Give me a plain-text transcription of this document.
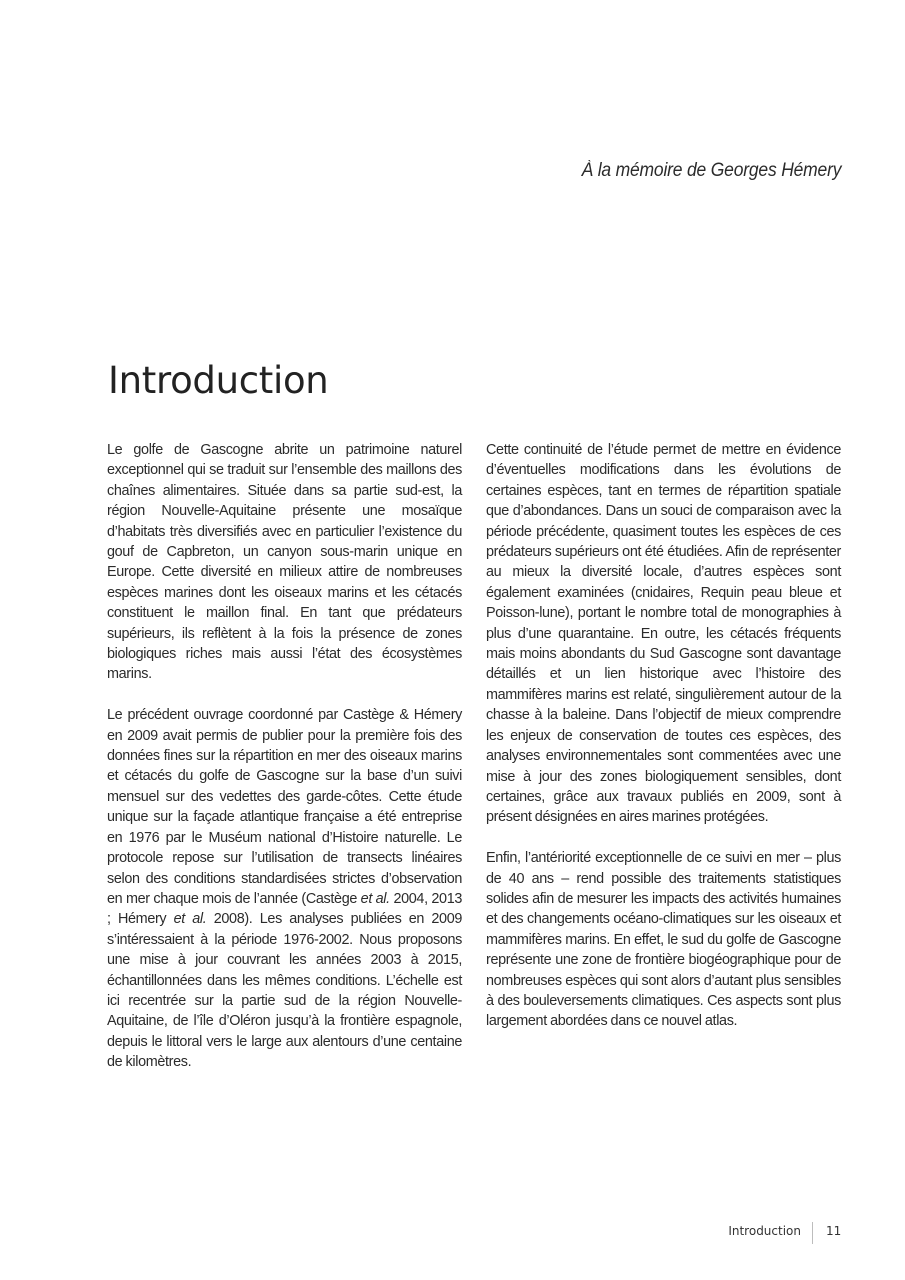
À la mémoire de Georges Hémery
Introduction

Le golfe de Gascogne abrite un patrimoine naturel exceptionnel qui se traduit sur l’ensemble des maillons des chaînes alimentaires. Située dans sa partie sud-est, la région Nouvelle-Aquitaine présente une mosaïque d’habitats très diversifiés avec en particulier l’existence du gouf de Capbreton, un canyon sous-marin unique en Europe. Cette diversité en milieux attire de nombreuses espèces marines dont les oiseaux marins et les cétacés constituent le maillon final. En tant que prédateurs supérieurs, ils reflètent à la fois la présence de zones biologiques riches mais aussi l’état des écosystèmes marins.

Le précédent ouvrage coordonné par Castège & Hémery en 2009 avait permis de publier pour la première fois des données fines sur la répartition en mer des oiseaux marins et cétacés du golfe de Gascogne sur la base d’un suivi mensuel sur des vedettes des garde-côtes. Cette étude unique sur la façade atlantique française a été entreprise en 1976 par le Muséum national d’Histoire naturelle. Le protocole repose sur l’utilisation de transects linéaires selon des conditions standardisées strictes d’observation en mer chaque mois de l’année (Castège et al. 2004, 2013 ; Hémery et al. 2008). Les analyses publiées en 2009 s’intéressaient à la période 1976-2002. Nous proposons une mise à jour couvrant les années 2003 à 2015, échantillonnées dans les mêmes conditions. L’échelle est ici recentrée sur la partie sud de la région Nouvelle-Aquitaine, de l’île d’Oléron jusqu’à la frontière espagnole, depuis le littoral vers le large aux alentours d’une centaine de kilomètres.

Cette continuité de l’étude permet de mettre en évidence d’éventuelles modifications dans les évolutions de certaines espèces, tant en termes de répartition spatiale que d’abondances. Dans un souci de comparaison avec la période précédente, quasiment toutes les espèces de ces prédateurs supérieurs ont été étudiées. Afin de représenter au mieux la diversité locale, d’autres espèces sont également examinées (cnidaires, Requin peau bleue et Poisson-lune), portant le nombre total de monographies à plus d’une quarantaine. En outre, les cétacés fréquents mais moins abondants du Sud Gascogne sont davantage détaillés et un lien historique avec l’histoire des mammifères marins est relaté, singulièrement autour de la chasse à la baleine. Dans l’objectif de mieux comprendre les enjeux de conservation de toutes ces espèces, des analyses environnementales sont commentées avec une mise à jour des zones biologiquement sensibles, dont certaines, grâce aux travaux publiés en 2009, sont à présent désignées en aires marines protégées.

Enfin, l’antériorité exceptionnelle de ce suivi en mer – plus de 40 ans – rend possible des traitements statistiques solides afin de mesurer les impacts des activités humaines et des changements océano-climatiques sur les oiseaux et mammifères marins. En effet, le sud du golfe de Gascogne représente une zone de frontière biogéographique pour de nombreuses espèces qui sont alors d’autant plus sensibles à des bouleversements climatiques. Ces aspects sont plus largement abordées dans ce nouvel atlas.

Introduction 11
